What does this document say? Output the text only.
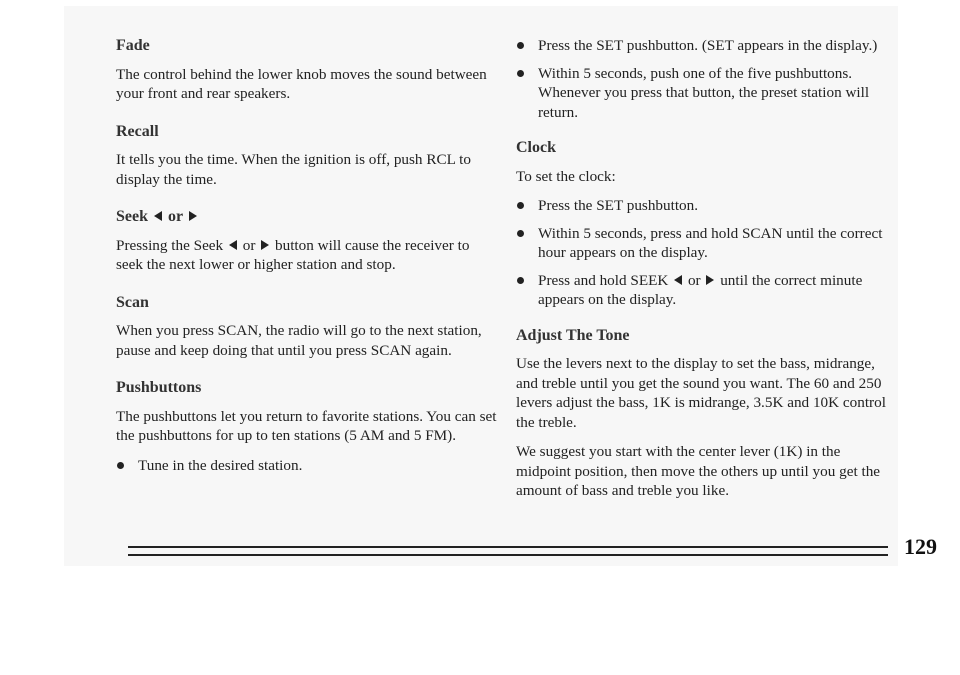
Fade

The control behind the lower knob moves the sound between your front and rear speakers.

Recall

It tells you the time. When the ignition is off, push RCL to display the time.

Seek or

Pressing the Seek or button will cause the receiver to seek the next lower or higher station and stop.

Scan

When you press SCAN, the radio will go to the next station, pause and keep doing that until you press SCAN again.

Pushbuttons

The pushbuttons let you return to favorite stations. You can set the pushbuttons for up to ten stations (5 AM and 5 FM).

Tune in the desired station.
Press the SET pushbutton. (SET appears in the display.)
Within 5 seconds, push one of the five pushbuttons. Whenever you press that button, the preset station will return.
Clock

To set the clock:

Press the SET pushbutton.
Within 5 seconds, press and hold SCAN until the correct hour appears on the display.
Press and hold SEEK or until the correct minute appears on the display.
Adjust The Tone

Use the levers next to the display to set the bass, midrange, and treble until you get the sound you want. The 60 and 250 levers adjust the bass, 1K is midrange, 3.5K and 10K control the treble.

We suggest you start with the center lever (1K) in the midpoint position, then move the others up until you get the amount of bass and treble you like.

129
